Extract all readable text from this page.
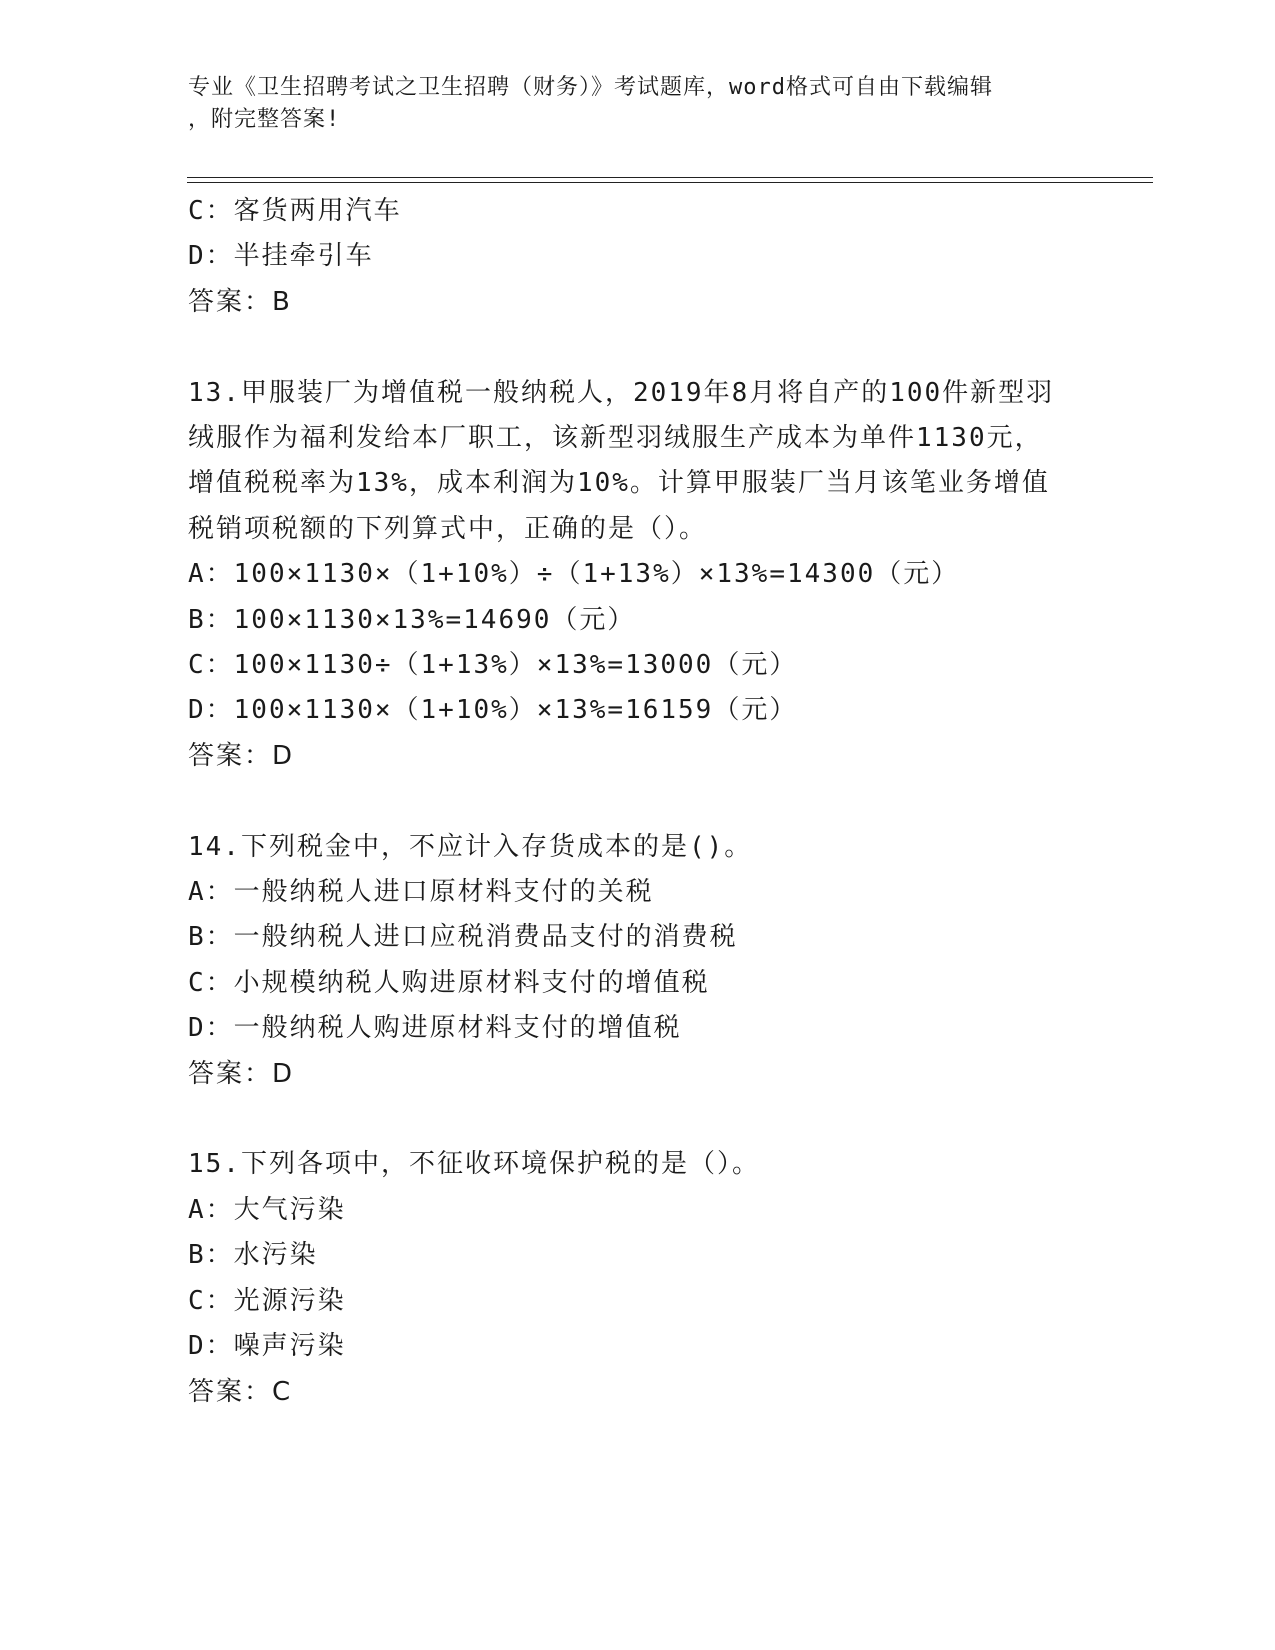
专业《卫生招聘考试之卫生招聘（财务）》考试题库，word格式可自由下载编辑
，附完整答案!
C：客货两用汽车
D：半挂牵引车
答案：B
13.甲服装厂为增值税一般纳税人，2019年8月将自产的100件新型羽
绒服作为福利发给本厂职工，该新型羽绒服生产成本为单件1130元，
增值税税率为13%，成本利润为10%。计算甲服装厂当月该笔业务增值
税销项税额的下列算式中，正确的是（）。
A：100×1130×（1+10%）÷（1+13%）×13%=14300（元）
B：100×1130×13%=14690（元）
C：100×1130÷（1+13%）×13%=13000（元）
D：100×1130×（1+10%）×13%=16159（元）
答案：D
14.下列税金中，不应计入存货成本的是()。
A：一般纳税人进口原材料支付的关税
B：一般纳税人进口应税消费品支付的消费税
C：小规模纳税人购进原材料支付的增值税
D：一般纳税人购进原材料支付的增值税
答案：D
15.下列各项中，不征收环境保护税的是（）。
A：大气污染
B：水污染
C：光源污染
D：噪声污染
答案：C
